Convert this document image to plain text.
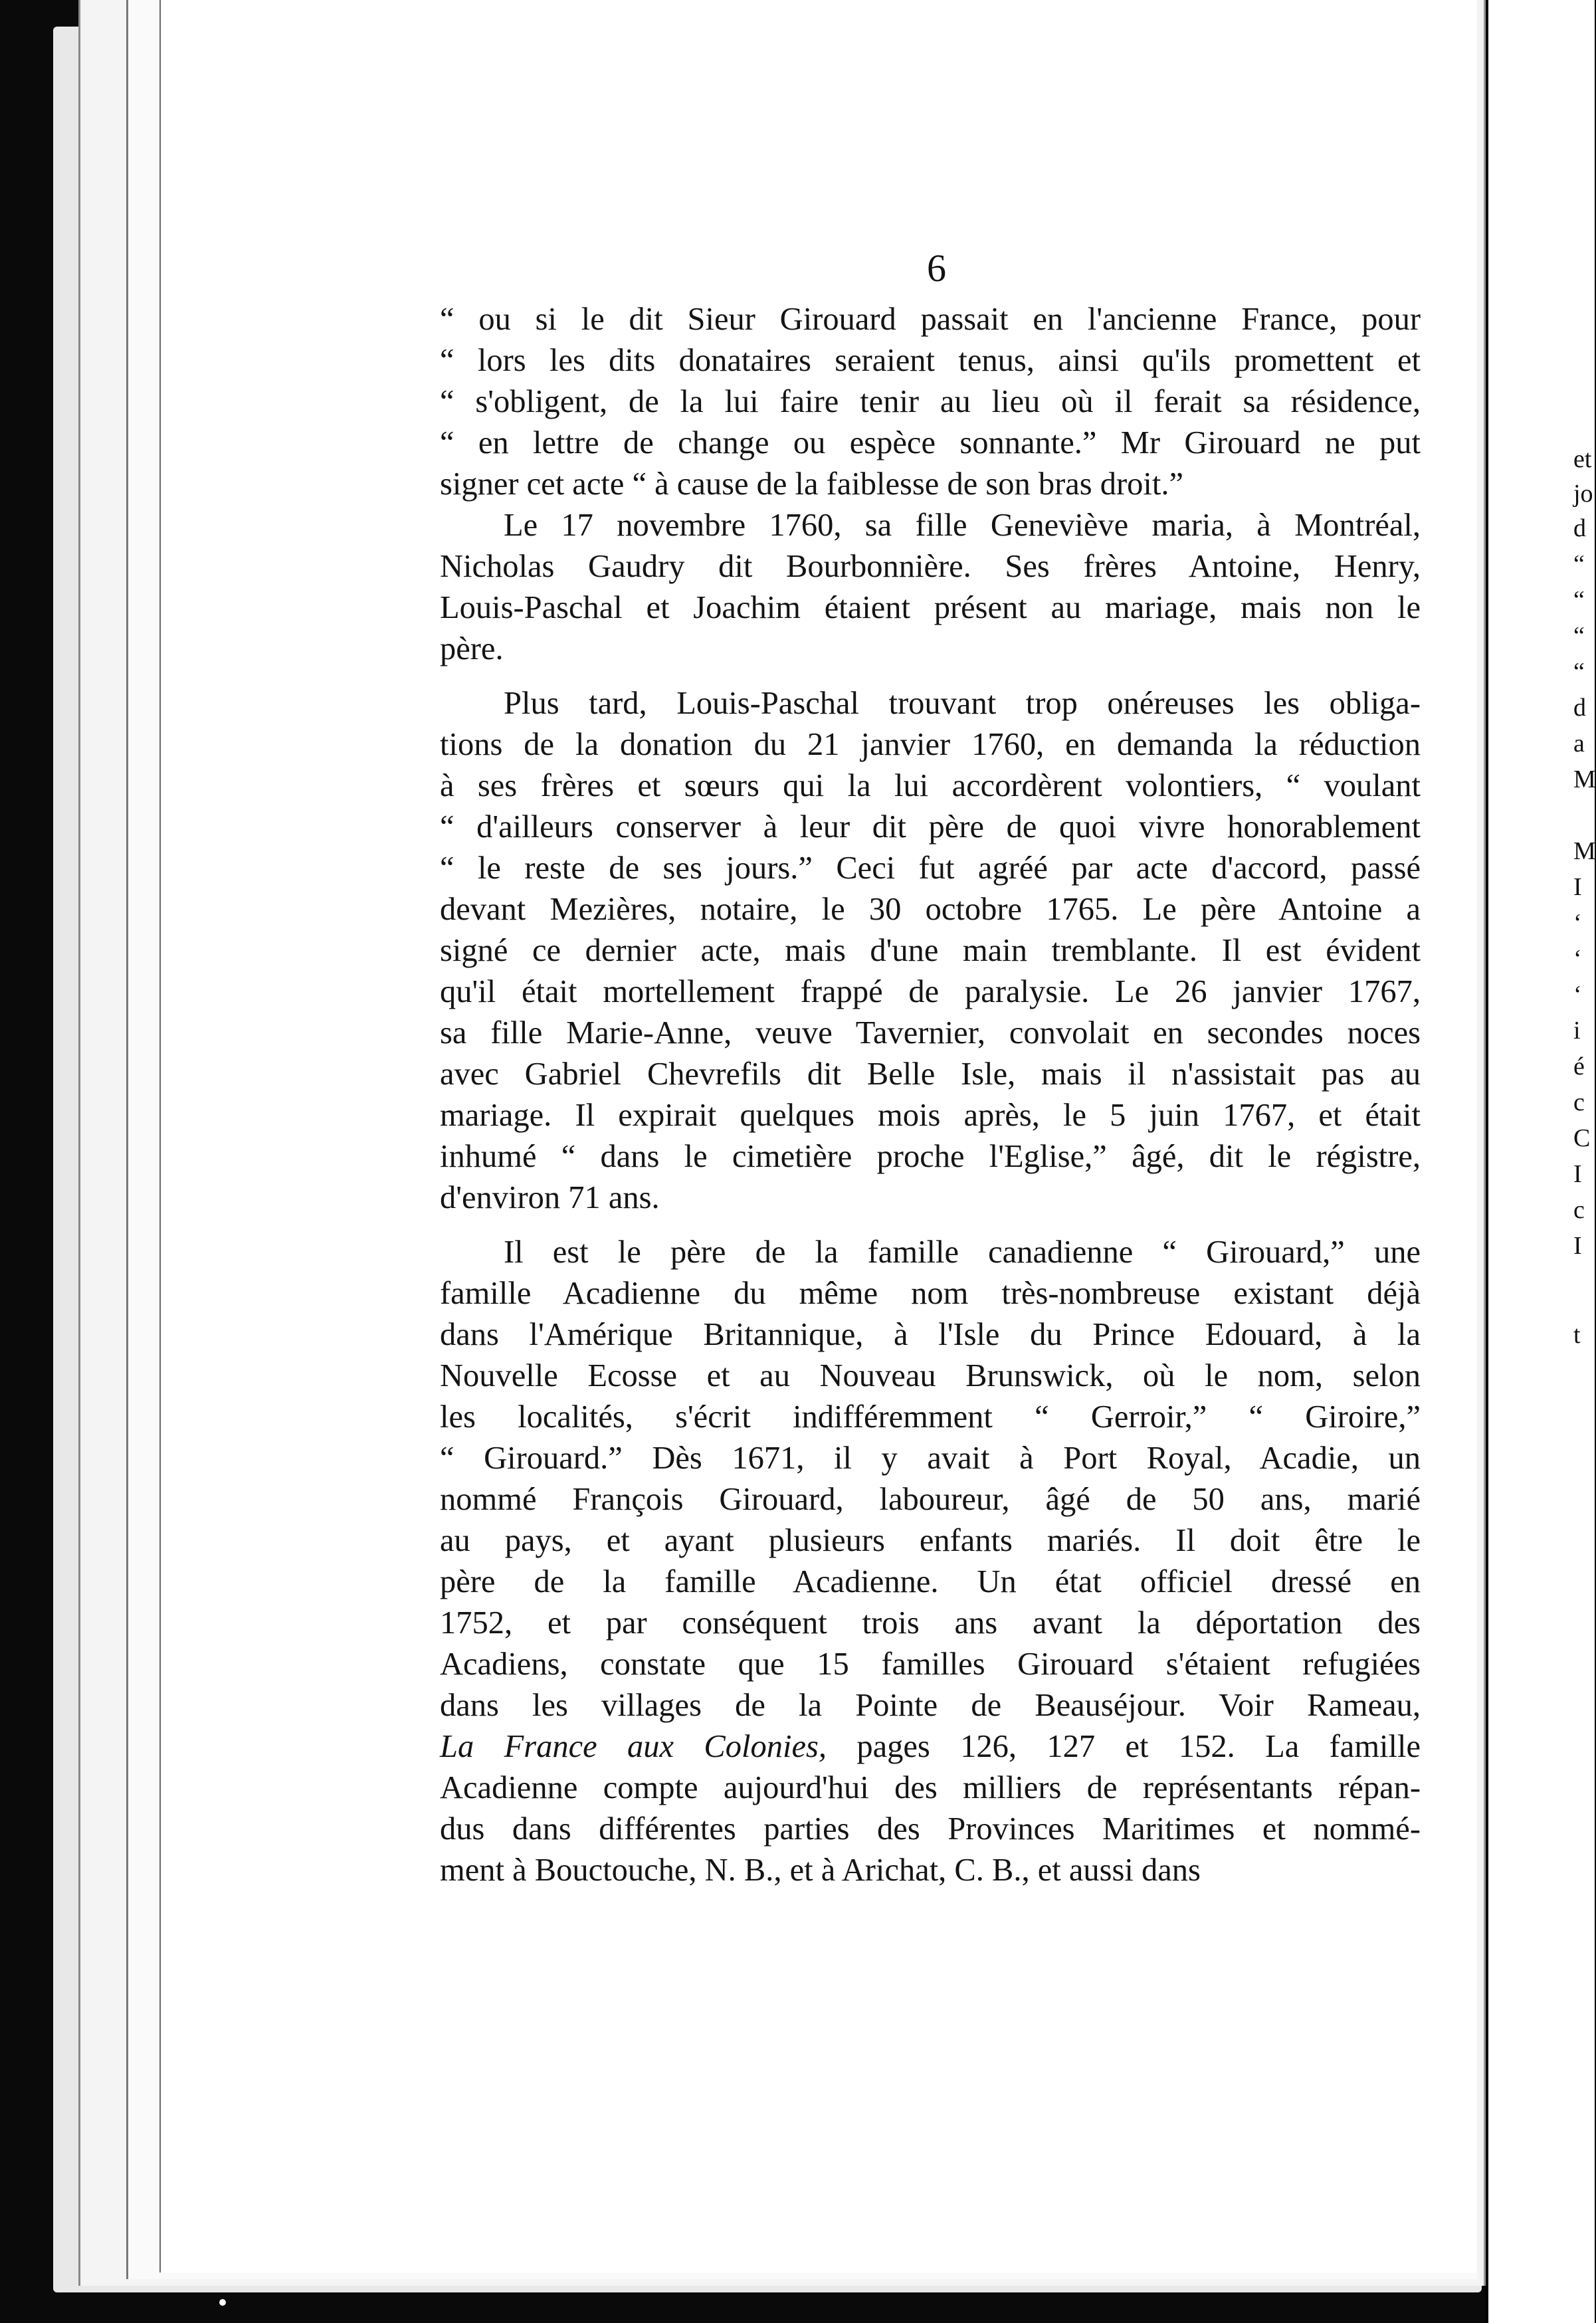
et
jo
d
“
“
“
“
d
a
M
M
I
‘
‘
‘
i
é
c
C
I
c
I
t
6

“ ou si le dit Sieur Girouard passait en l'ancienne France, pour
“ lors les dits donataires seraient tenus, ainsi qu'ils promettent et
“ s'obligent, de la lui faire tenir au lieu où il ferait sa résidence,
“ en lettre de change ou espèce sonnante.” Mr Girouard ne put
signer cet acte “ à cause de la faiblesse de son bras droit.”

Le 17 novembre 1760, sa fille Geneviève maria, à Montréal,
Nicholas Gaudry dit Bourbonnière. Ses frères Antoine, Henry,
Louis-Paschal et Joachim étaient présent au mariage, mais non le
père.

Plus tard, Louis-Paschal trouvant trop onéreuses les obliga-
tions de la donation du 21 janvier 1760, en demanda la réduction
à ses frères et sœurs qui la lui accordèrent volontiers, “ voulant
“ d'ailleurs conserver à leur dit père de quoi vivre honorablement
“ le reste de ses jours.” Ceci fut agréé par acte d'accord, passé
devant Mezières, notaire, le 30 octobre 1765. Le père Antoine a
signé ce dernier acte, mais d'une main tremblante. Il est évident
qu'il était mortellement frappé de paralysie. Le 26 janvier 1767,
sa fille Marie-Anne, veuve Tavernier, convolait en secondes noces
avec Gabriel Chevrefils dit Belle Isle, mais il n'assistait pas au
mariage. Il expirait quelques mois après, le 5 juin 1767, et était
inhumé “ dans le cimetière proche l'Eglise,” âgé, dit le régistre,
d'environ 71 ans.

Il est le père de la famille canadienne “ Girouard,” une
famille Acadienne du même nom très-nombreuse existant déjà
dans l'Amérique Britannique, à l'Isle du Prince Edouard, à la
Nouvelle Ecosse et au Nouveau Brunswick, où le nom, selon
les localités, s'écrit indifféremment “ Gerroir,” “ Giroire,”
“ Girouard.” Dès 1671, il y avait à Port Royal, Acadie, un
nommé François Girouard, laboureur, âgé de 50 ans, marié
au pays, et ayant plusieurs enfants mariés. Il doit être le
père de la famille Acadienne. Un état officiel dressé en
1752, et par conséquent trois ans avant la déportation des
Acadiens, constate que 15 familles Girouard s'étaient refugiées
dans les villages de la Pointe de Beauséjour. Voir Rameau,
La France aux Colonies, pages 126, 127 et 152. La famille
Acadienne compte aujourd'hui des milliers de représentants répan-
dus dans différentes parties des Provinces Maritimes et nommé-
ment à Bouctouche, N. B., et à Arichat, C. B., et aussi dans
